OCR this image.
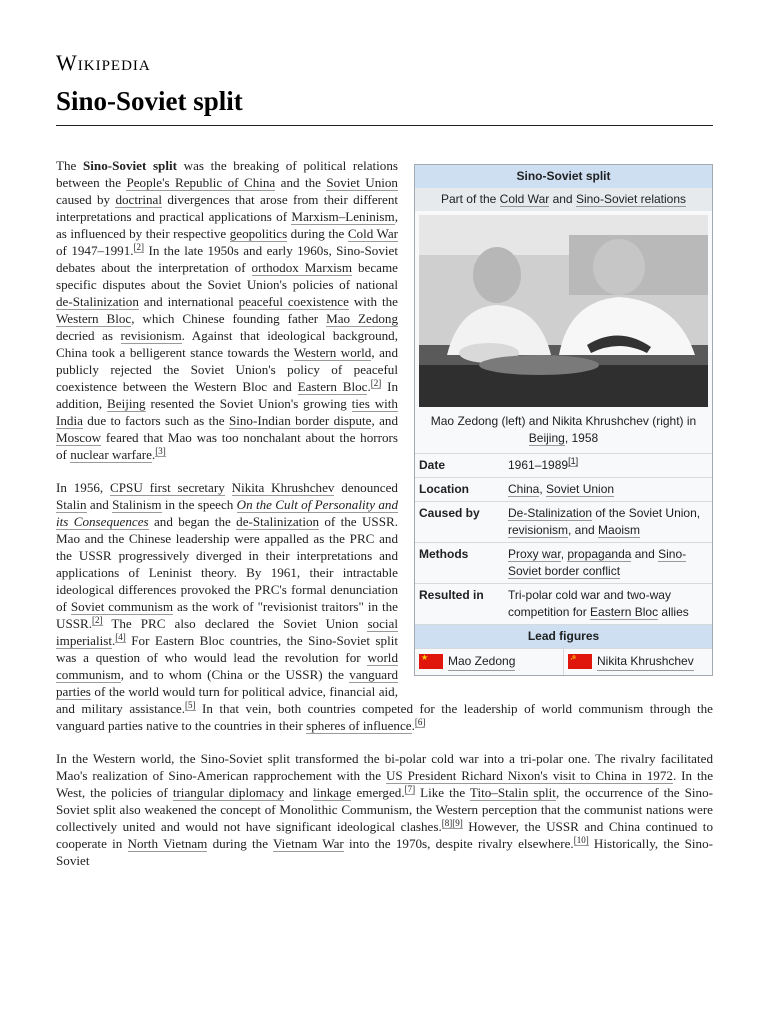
Wikipedia
Sino-Soviet split
Sino-Soviet split
Part of the Cold War and Sino-Soviet relations
Mao Zedong (left) and Nikita Khrushchev (right) in Beijing, 1958
Date	1961–1989[1]
Location	China, Soviet Union
Caused by	De-Stalinization of the Soviet Union, revisionism, and Maoism
Methods	Proxy war, propaganda and Sino-Soviet border conflict
Resulted in	Tri-polar cold war and two-way competition for Eastern Bloc allies
Lead figures
★ Mao Zedong	☭ Nikita Khrushchev

The Sino-Soviet split was the breaking of political relations between the People's Republic of China and the Soviet Union caused by doctrinal divergences that arose from their different interpretations and practical applications of Marxism–Leninism, as influenced by their respective geopolitics during the Cold War of 1947–1991.[2] In the late 1950s and early 1960s, Sino-Soviet debates about the interpretation of orthodox Marxism became specific disputes about the Soviet Union's policies of national de-Stalinization and international peaceful coexistence with the Western Bloc, which Chinese founding father Mao Zedong decried as revisionism. Against that ideological background, China took a belligerent stance towards the Western world, and publicly rejected the Soviet Union's policy of peaceful coexistence between the Western Bloc and Eastern Bloc.[2] In addition, Beijing resented the Soviet Union's growing ties with India due to factors such as the Sino-Indian border dispute, and Moscow feared that Mao was too nonchalant about the horrors of nuclear warfare.[3]

In 1956, CPSU first secretary Nikita Khrushchev denounced Stalin and Stalinism in the speech On the Cult of Personality and its Consequences and began the de-Stalinization of the USSR. Mao and the Chinese leadership were appalled as the PRC and the USSR progressively diverged in their interpretations and applications of Leninist theory. By 1961, their intractable ideological differences provoked the PRC's formal denunciation of Soviet communism as the work of "revisionist traitors" in the USSR.[2] The PRC also declared the Soviet Union social imperialist.[4] For Eastern Bloc countries, the Sino-Soviet split was a question of who would lead the revolution for world communism, and to whom (China or the USSR) the vanguard parties of the world would turn for political advice, financial aid, and military assistance.[5] In that vein, both countries competed for the leadership of world communism through the vanguard parties native to the countries in their spheres of influence.[6]

In the Western world, the Sino-Soviet split transformed the bi-polar cold war into a tri-polar one. The rivalry facilitated Mao's realization of Sino-American rapprochement with the US President Richard Nixon's visit to China in 1972. In the West, the policies of triangular diplomacy and linkage emerged.[7] Like the Tito–Stalin split, the occurrence of the Sino-Soviet split also weakened the concept of Monolithic Communism, the Western perception that the communist nations were collectively united and would not have significant ideological clashes.[8][9] However, the USSR and China continued to cooperate in North Vietnam during the Vietnam War into the 1970s, despite rivalry elsewhere.[10] Historically, the Sino-Soviet
